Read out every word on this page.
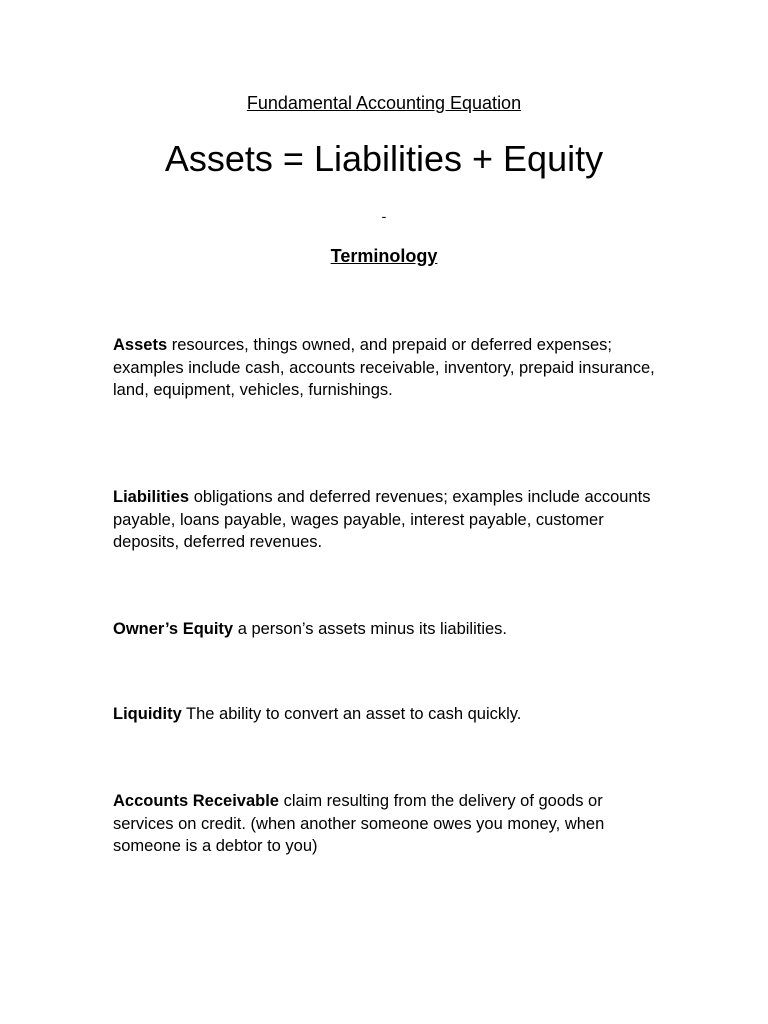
Fundamental Accounting Equation
Assets = Liabilities + Equity
-
Terminology

Assets resources, things owned, and prepaid or deferred expenses; examples include cash, accounts receivable, inventory, prepaid insurance, land, equipment, vehicles, furnishings.

Liabilities obligations and deferred revenues; examples include accounts payable, loans payable, wages payable, interest payable, customer deposits, deferred revenues.

Owner’s Equity a person’s assets minus its liabilities.

Liquidity The ability to convert an asset to cash quickly.

Accounts Receivable claim resulting from the delivery of goods or services on credit. (when another someone owes you money, when someone is a debtor to you)
